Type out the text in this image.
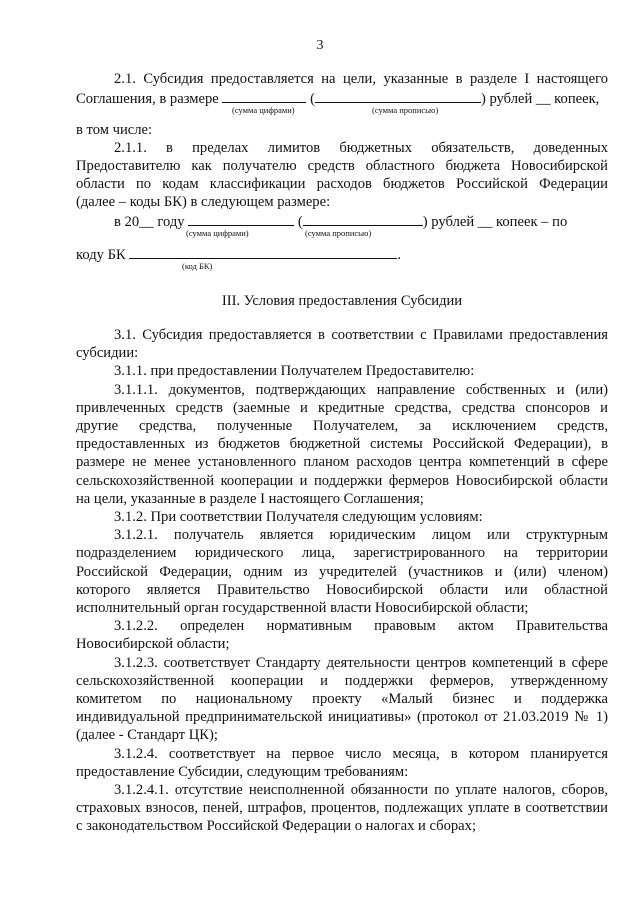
3
2.1. Субсидия предоставляется на цели, указанные в разделе I настоящего
Соглашения, в размере	(	) рублей __ копеек,
(сумма цифрами)	(сумма прописью)
в том числе:
2.1.1. в пределах лимитов бюджетных обязательств, доведенных
Предоставителю как получателю средств областного бюджета Новосибирской
области по кодам классификации расходов бюджетов Российской Федерации
(далее – коды БК) в следующем размере:
в 20__ году	(	) рублей __ копеек – по
(сумма цифрами)	(сумма прописью)
коду БК	.
(код БК)
III. Условия предоставления Субсидии
3.1. Субсидия предоставляется в соответствии с Правилами предоставления
субсидии:
3.1.1. при предоставлении Получателем Предоставителю:
3.1.1.1. документов, подтверждающих направление собственных и (или)
привлеченных средств (заемные и кредитные средства, средства спонсоров и
другие средства, полученные Получателем, за исключением средств,
предоставленных из бюджетов бюджетной системы Российской Федерации), в
размере не менее установленного планом расходов центра компетенций в сфере
сельскохозяйственной кооперации и поддержки фермеров Новосибирской области
на цели, указанные в разделе I настоящего Соглашения;
3.1.2. При соответствии Получателя следующим условиям:
3.1.2.1. получатель является юридическим лицом или структурным
подразделением юридического лица, зарегистрированного на территории
Российской Федерации, одним из учредителей (участников и (или) членом)
которого является Правительство Новосибирской области или областной
исполнительный орган государственной власти Новосибирской области;
3.1.2.2. определен нормативным правовым актом Правительства
Новосибирской области;
3.1.2.3. соответствует Стандарту деятельности центров компетенций в сфере
сельскохозяйственной кооперации и поддержки фермеров, утвержденному
комитетом по национальному проекту «Малый бизнес и поддержка
индивидуальной предпринимательской инициативы» (протокол от 21.03.2019 № 1)
(далее - Стандарт ЦК);
3.1.2.4. соответствует на первое число месяца, в котором планируется
предоставление Субсидии, следующим требованиям:
3.1.2.4.1. отсутствие неисполненной обязанности по уплате налогов, сборов,
страховых взносов, пеней, штрафов, процентов, подлежащих уплате в соответствии
с законодательством Российской Федерации о налогах и сборах;
